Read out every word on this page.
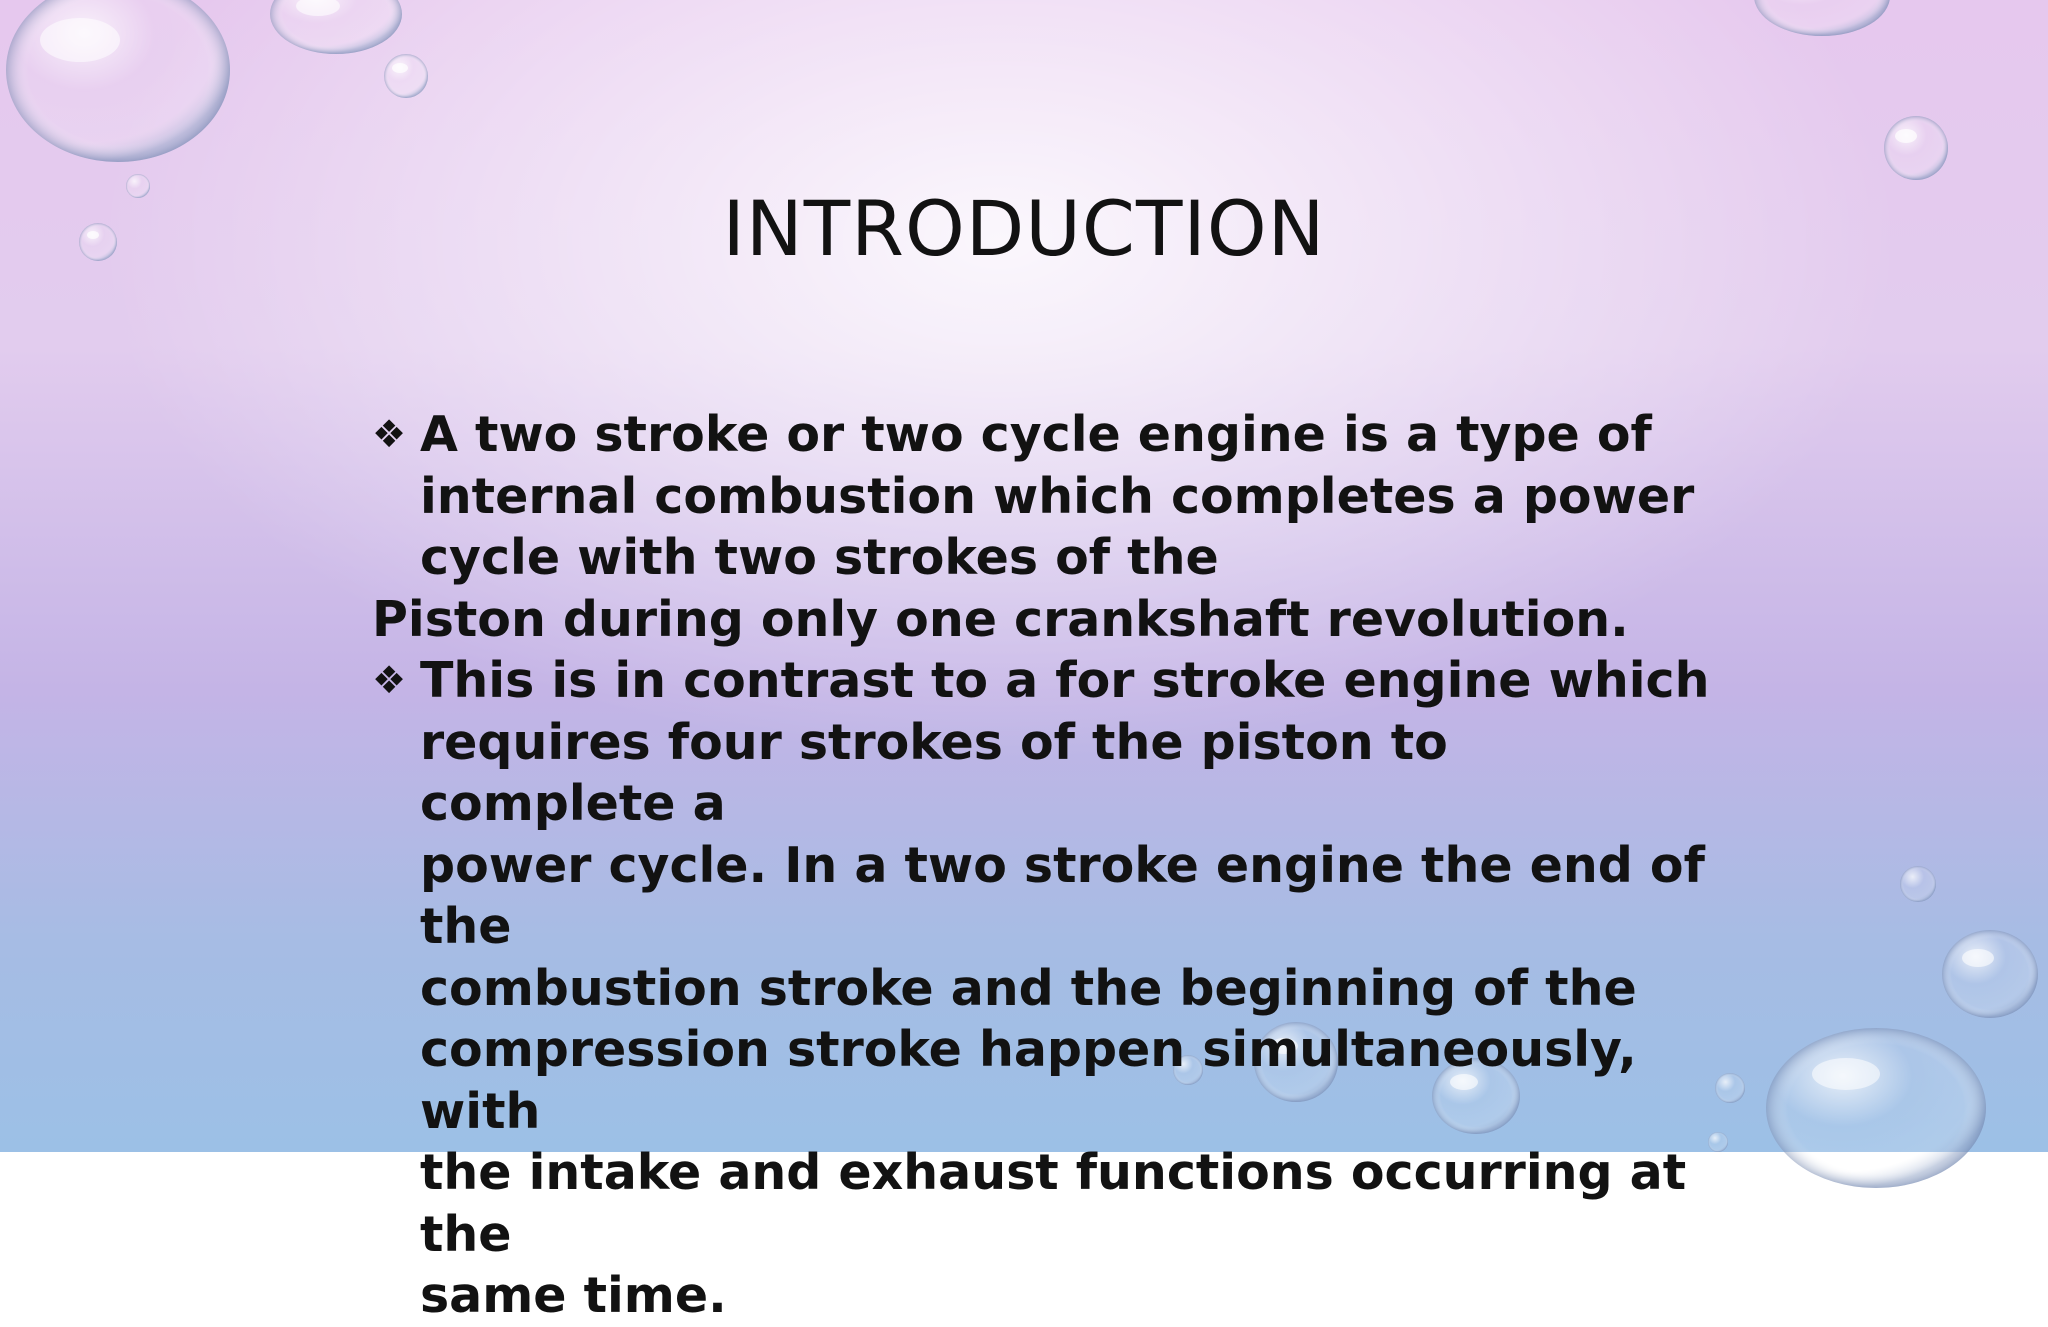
INTRODUCTION
❖ A two stroke or two cycle engine is a type of
internal combustion which completes a power
cycle with two strokes of the
Piston during only one crankshaft revolution.
❖ This is in contrast to a for stroke engine which
requires four strokes of the piston to complete a
power cycle. In a two stroke engine the end of the
combustion stroke and the beginning of the
compression stroke happen simultaneously, with
the intake and exhaust functions occurring at the
same time.
